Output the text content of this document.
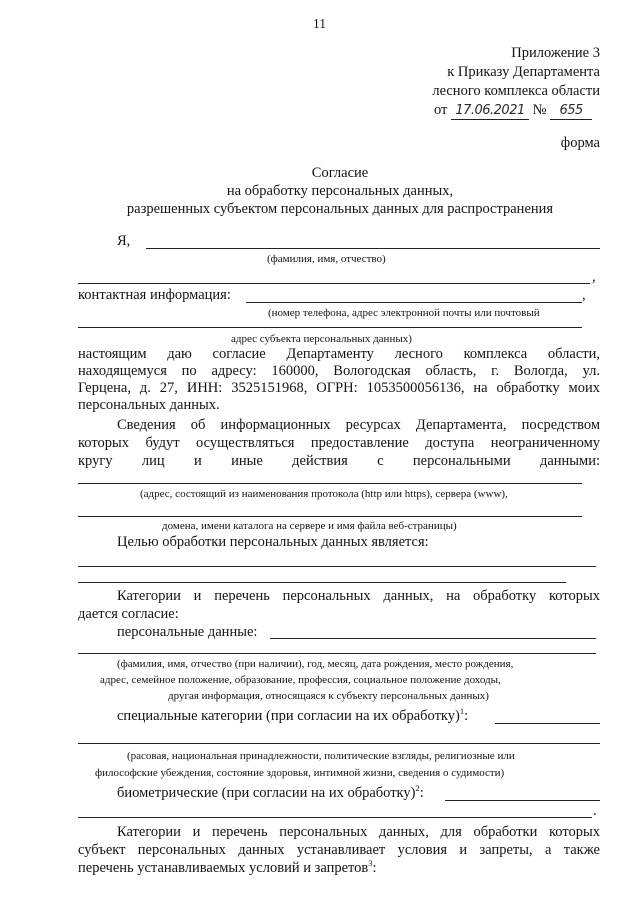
11
Приложение 3
к Приказу Департамента
лесного комплекса области
от 17.06.2021 № 655
форма
Согласие
на обработку персональных данных,
разрешенных субъектом персональных данных для распространения
Я,
(фамилия, имя, отчество)
,
контактная информация:	,
(номер телефона, адрес электронной почты или почтовый
адрес субъекта персональных данных)
настоящим даю согласие Департаменту лесного комплекса области,
находящемуся по адресу: 160000, Вологодская область, г. Вологда, ул.
Герцена, д. 27, ИНН: 3525151968, ОГРН: 1053500056136, на обработку моих
персональных данных.
Сведения об информационных ресурсах Департамента, посредством
которых будут осуществляться предоставление доступа неограниченному
кругу лиц и иные действия с персональными данными:
(адрес, состоящий из наименования протокола (http или https), сервера (www),
домена, имени каталога на сервере и имя файла веб-страницы)
Целью обработки персональных данных является:
Категории и перечень персональных данных, на обработку которых
дается согласие:
персональные данные:
(фамилия, имя, отчество (при наличии), год, месяц, дата рождения, место рождения,
адрес, семейное положение, образование, профессия, социальное положение доходы,
другая информация, относящаяся к субъекту персональных данных)
специальные категории (при согласии на их обработку)$^1$:
(расовая, национальная принадлежности, политические взгляды, религиозные или
философские убеждения, состояние здоровья, интимной жизни, сведения о судимости)
биометрические (при согласии на их обработку)$^2$:
.
Категории и перечень персональных данных, для обработки которых
субъект персональных данных устанавливает условия и запреты, а также
перечень устанавливаемых условий и запретов$^3$:
